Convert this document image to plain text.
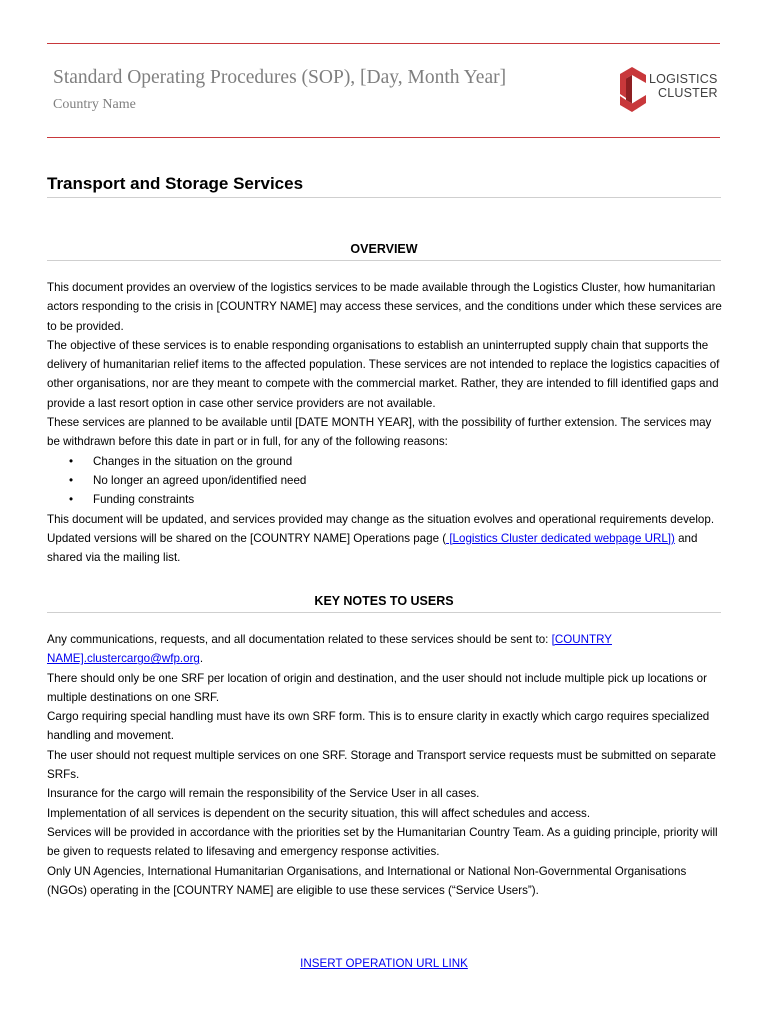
Standard Operating Procedures (SOP), [Day, Month Year]
Country Name
LOGISTICS
CLUSTER
Transport and Storage Services
OVERVIEW

This document provides an overview of the logistics services to be made available through the Logistics Cluster, how humanitarian actors responding to the crisis in [COUNTRY NAME] may access these services, and the conditions under which these services are to be provided.

The objective of these services is to enable responding organisations to establish an uninterrupted supply chain that supports the delivery of humanitarian relief items to the affected population. These services are not intended to replace the logistics capacities of other organisations, nor are they meant to compete with the commercial market. Rather, they are intended to fill identified gaps and provide a last resort option in case other service providers are not available.

These services are planned to be available until [DATE MONTH YEAR], with the possibility of further extension. The services may be withdrawn before this date in part or in full, for any of the following reasons:

• Changes in the situation on the ground
• No longer an agreed upon/identified need
• Funding constraints

This document will be updated, and services provided may change as the situation evolves and operational requirements develop. Updated versions will be shared on the [COUNTRY NAME] Operations page ( [Logistics Cluster dedicated webpage URL]) and shared via the mailing list.

KEY NOTES TO USERS

Any communications, requests, and all documentation related to these services should be sent to: [COUNTRY NAME].clustercargo@wfp.org.

There should only be one SRF per location of origin and destination, and the user should not include multiple pick up locations or multiple destinations on one SRF.

Cargo requiring special handling must have its own SRF form. This is to ensure clarity in exactly which cargo requires specialized handling and movement.

The user should not request multiple services on one SRF. Storage and Transport service requests must be submitted on separate SRFs.

Insurance for the cargo will remain the responsibility of the Service User in all cases.

Implementation of all services is dependent on the security situation, this will affect schedules and access.

Services will be provided in accordance with the priorities set by the Humanitarian Country Team. As a guiding principle, priority will be given to requests related to lifesaving and emergency response activities.

Only UN Agencies, International Humanitarian Organisations, and International or National Non-Governmental Organisations (NGOs) operating in the [COUNTRY NAME] are eligible to use these services (“Service Users”).

INSERT OPERATION URL LINK
